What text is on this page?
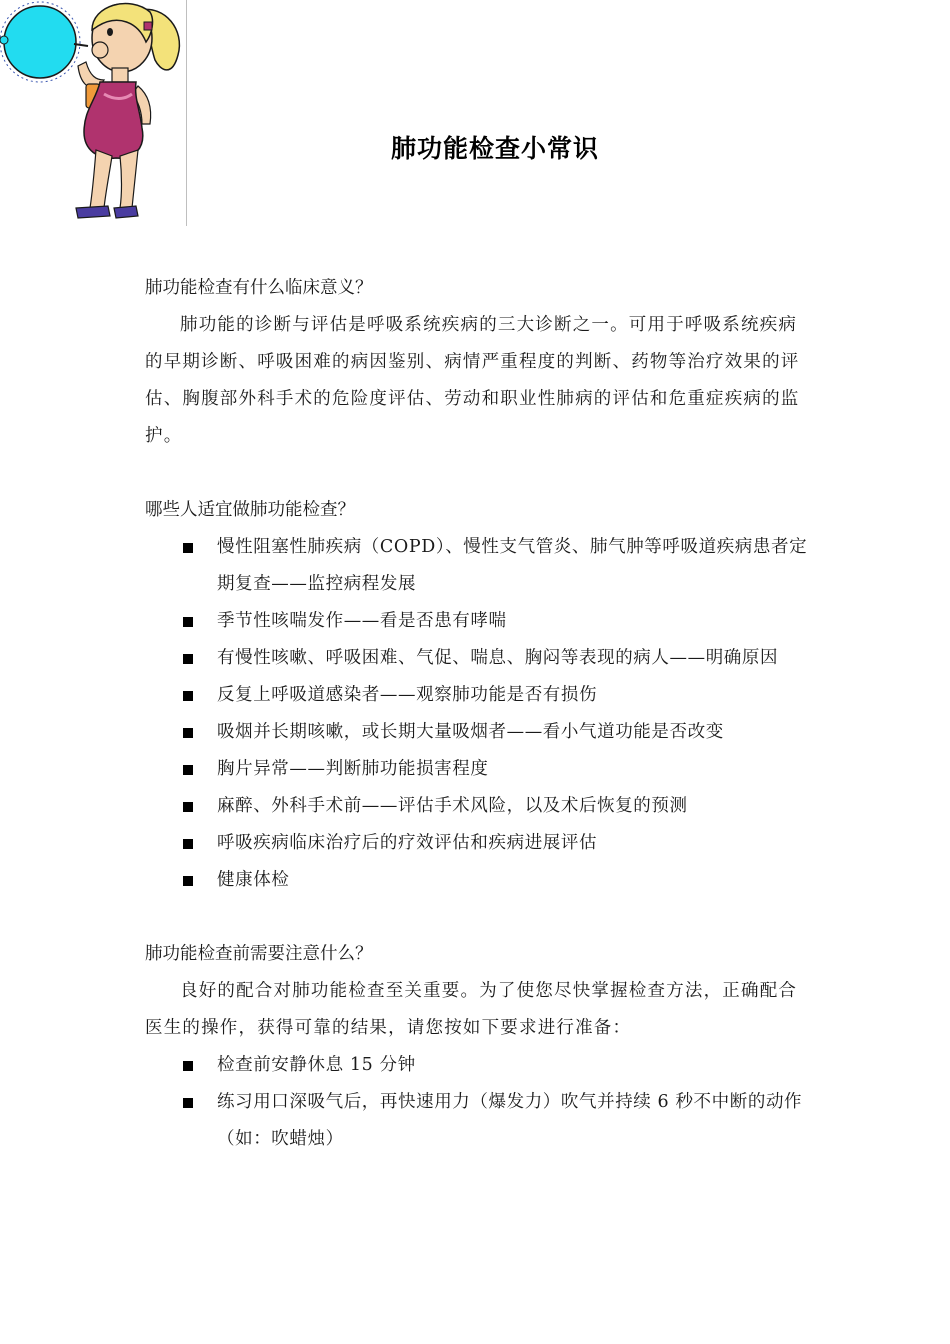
肺功能检查小常识
肺功能检查有什么临床意义？

肺功能的诊断与评估是呼吸系统疾病的三大诊断之一。可用于呼吸系统疾病的早期诊断、呼吸困难的病因鉴别、病情严重程度的判断、药物等治疗效果的评估、胸腹部外科手术的危险度评估、劳动和职业性肺病的评估和危重症疾病的监护。

哪些人适宜做肺功能检查？
慢性阻塞性肺疾病（COPD）、慢性支气管炎、肺气肿等呼吸道疾病患者定期复查——监控病程发展
季节性咳喘发作——看是否患有哮喘
有慢性咳嗽、呼吸困难、气促、喘息、胸闷等表现的病人——明确原因
反复上呼吸道感染者——观察肺功能是否有损伤
吸烟并长期咳嗽，或长期大量吸烟者——看小气道功能是否改变
胸片异常——判断肺功能损害程度
麻醉、外科手术前——评估手术风险，以及术后恢复的预测
呼吸疾病临床治疗后的疗效评估和疾病进展评估
健康体检
肺功能检查前需要注意什么？

良好的配合对肺功能检查至关重要。为了使您尽快掌握检查方法，正确配合医生的操作，获得可靠的结果，请您按如下要求进行准备：

检查前安静休息 15 分钟
练习用口深吸气后，再快速用力（爆发力）吹气并持续 6 秒不中断的动作（如：吹蜡烛）
